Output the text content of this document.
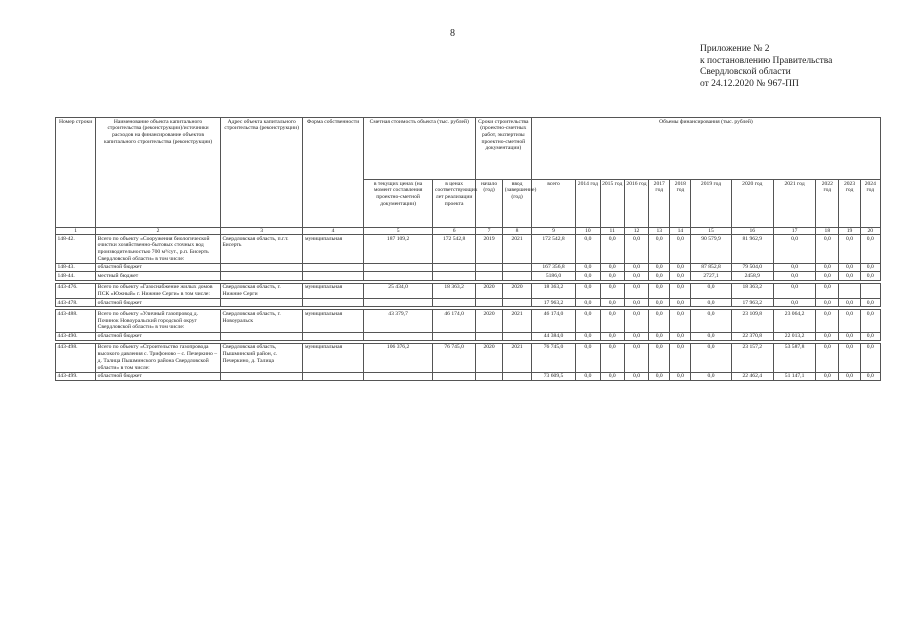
8
Приложение № 2
к постановлению Правительства
Свердловской области
от 24.12.2020 № 967-ПП
Номер строки	Наименование объекта капитального строительства (реконструкции)/источники расходов на финансирование объектов капитального строительства (реконструкции)	Адрес объекта капитального строительства (реконструкции)	Форма собственности	Сметная стоимость объекта (тыс. рублей)		Сроки строительства (проектно-сметных работ, экспертизы проектно-сметной документации)		Объемы финансирования (тыс. рублей)											
				в текущих ценах (на момент составления проектно-сметной документации)	в ценах соответствующих лет реализации проекта	начало (год)	ввод (завершение) (год)	всего	2014 год	2015 год	2016 год	2017 год	2018 год	2019 год	2020 год	2021 год	2022 год	2023 год	2024 год
1	2	3	4	5	6	7	8	9	10	11	12	13	14	15	16	17	18	19	20
148-42.	Всего по объекту «Сооружения биологической очистки хозяйственно-бытовых сточных вод производительностью 700 м³/сут., р.п. Бисерть Свердловской области» в том числе:	Свердловская область, п.г.т. Бисерть	муниципальная	187 109,2	172 542,8	2019	2021	172 542,8	0,0	0,0	0,0	0,0	0,0	90 579,9	81 962,9	0,0	0,0	0,0	0,0
148-43.	областной бюджет							167 356,8	0,0	0,0	0,0	0,0	0,0	87 852,8	79 504,0	0,0	0,0	0,0	0,0
148-44.	местный бюджет							5186,0	0,0	0,0	0,0	0,0	0,0	2727,1	2458,9	0,0	0,0	0,0	0,0

443-476.	Всего по объекту «Газоснабжение жилых домов ПСК «Южный» г. Нижние Серги» в том числе:	Свердловская область, г. Нижние Серги	муниципальная	25 434,0	18 363,2	2020	2020	18 363,2	0,0	0,0	0,0	0,0	0,0	0,0	18 363,2	0,0	0,0		
443-478.	областной бюджет							17 963,2	0,0	0,0	0,0	0,0	0,0	0,0	17 963,2	0,0	0,0	0,0	0,0

443-488.	Всего по объекту «Уличный газопровод д. Починок Новоуральский городской округ Свердловской области» в том числе:	Свердловская область, г. Новоуральск	муниципальная	43 379,7	46 174,0	2020	2021	46 174,0	0,0	0,0	0,0	0,0	0,0	0,0	23 109,8	23 064,2	0,0	0,0	0,0
443-490.	областной бюджет							44 384,0	0,0	0,0	0,0	0,0	0,0	0,0	22 370,8	22 013,2	0,0	0,0	0,0

443-498.	Всего по объекту «Строительство газопровода высокого давления с. Трифоново – с. Печеркино – д. Талица Пышминского района Свердловской области» в том числе:	Свердловская область, Пышминский район, с. Печеркино, д. Талица	муниципальная	106 376,2	76 745,0	2020	2021	76 745,0	0,0	0,0	0,0	0,0	0,0	0,0	23 157,2	53 587,8	0,0	0,0	0,0
443-499.	областной бюджет							73 609,5	0,0	0,0	0,0	0,0	0,0	0,0	22 462,4	51 147,1	0,0	0,0	0,0
